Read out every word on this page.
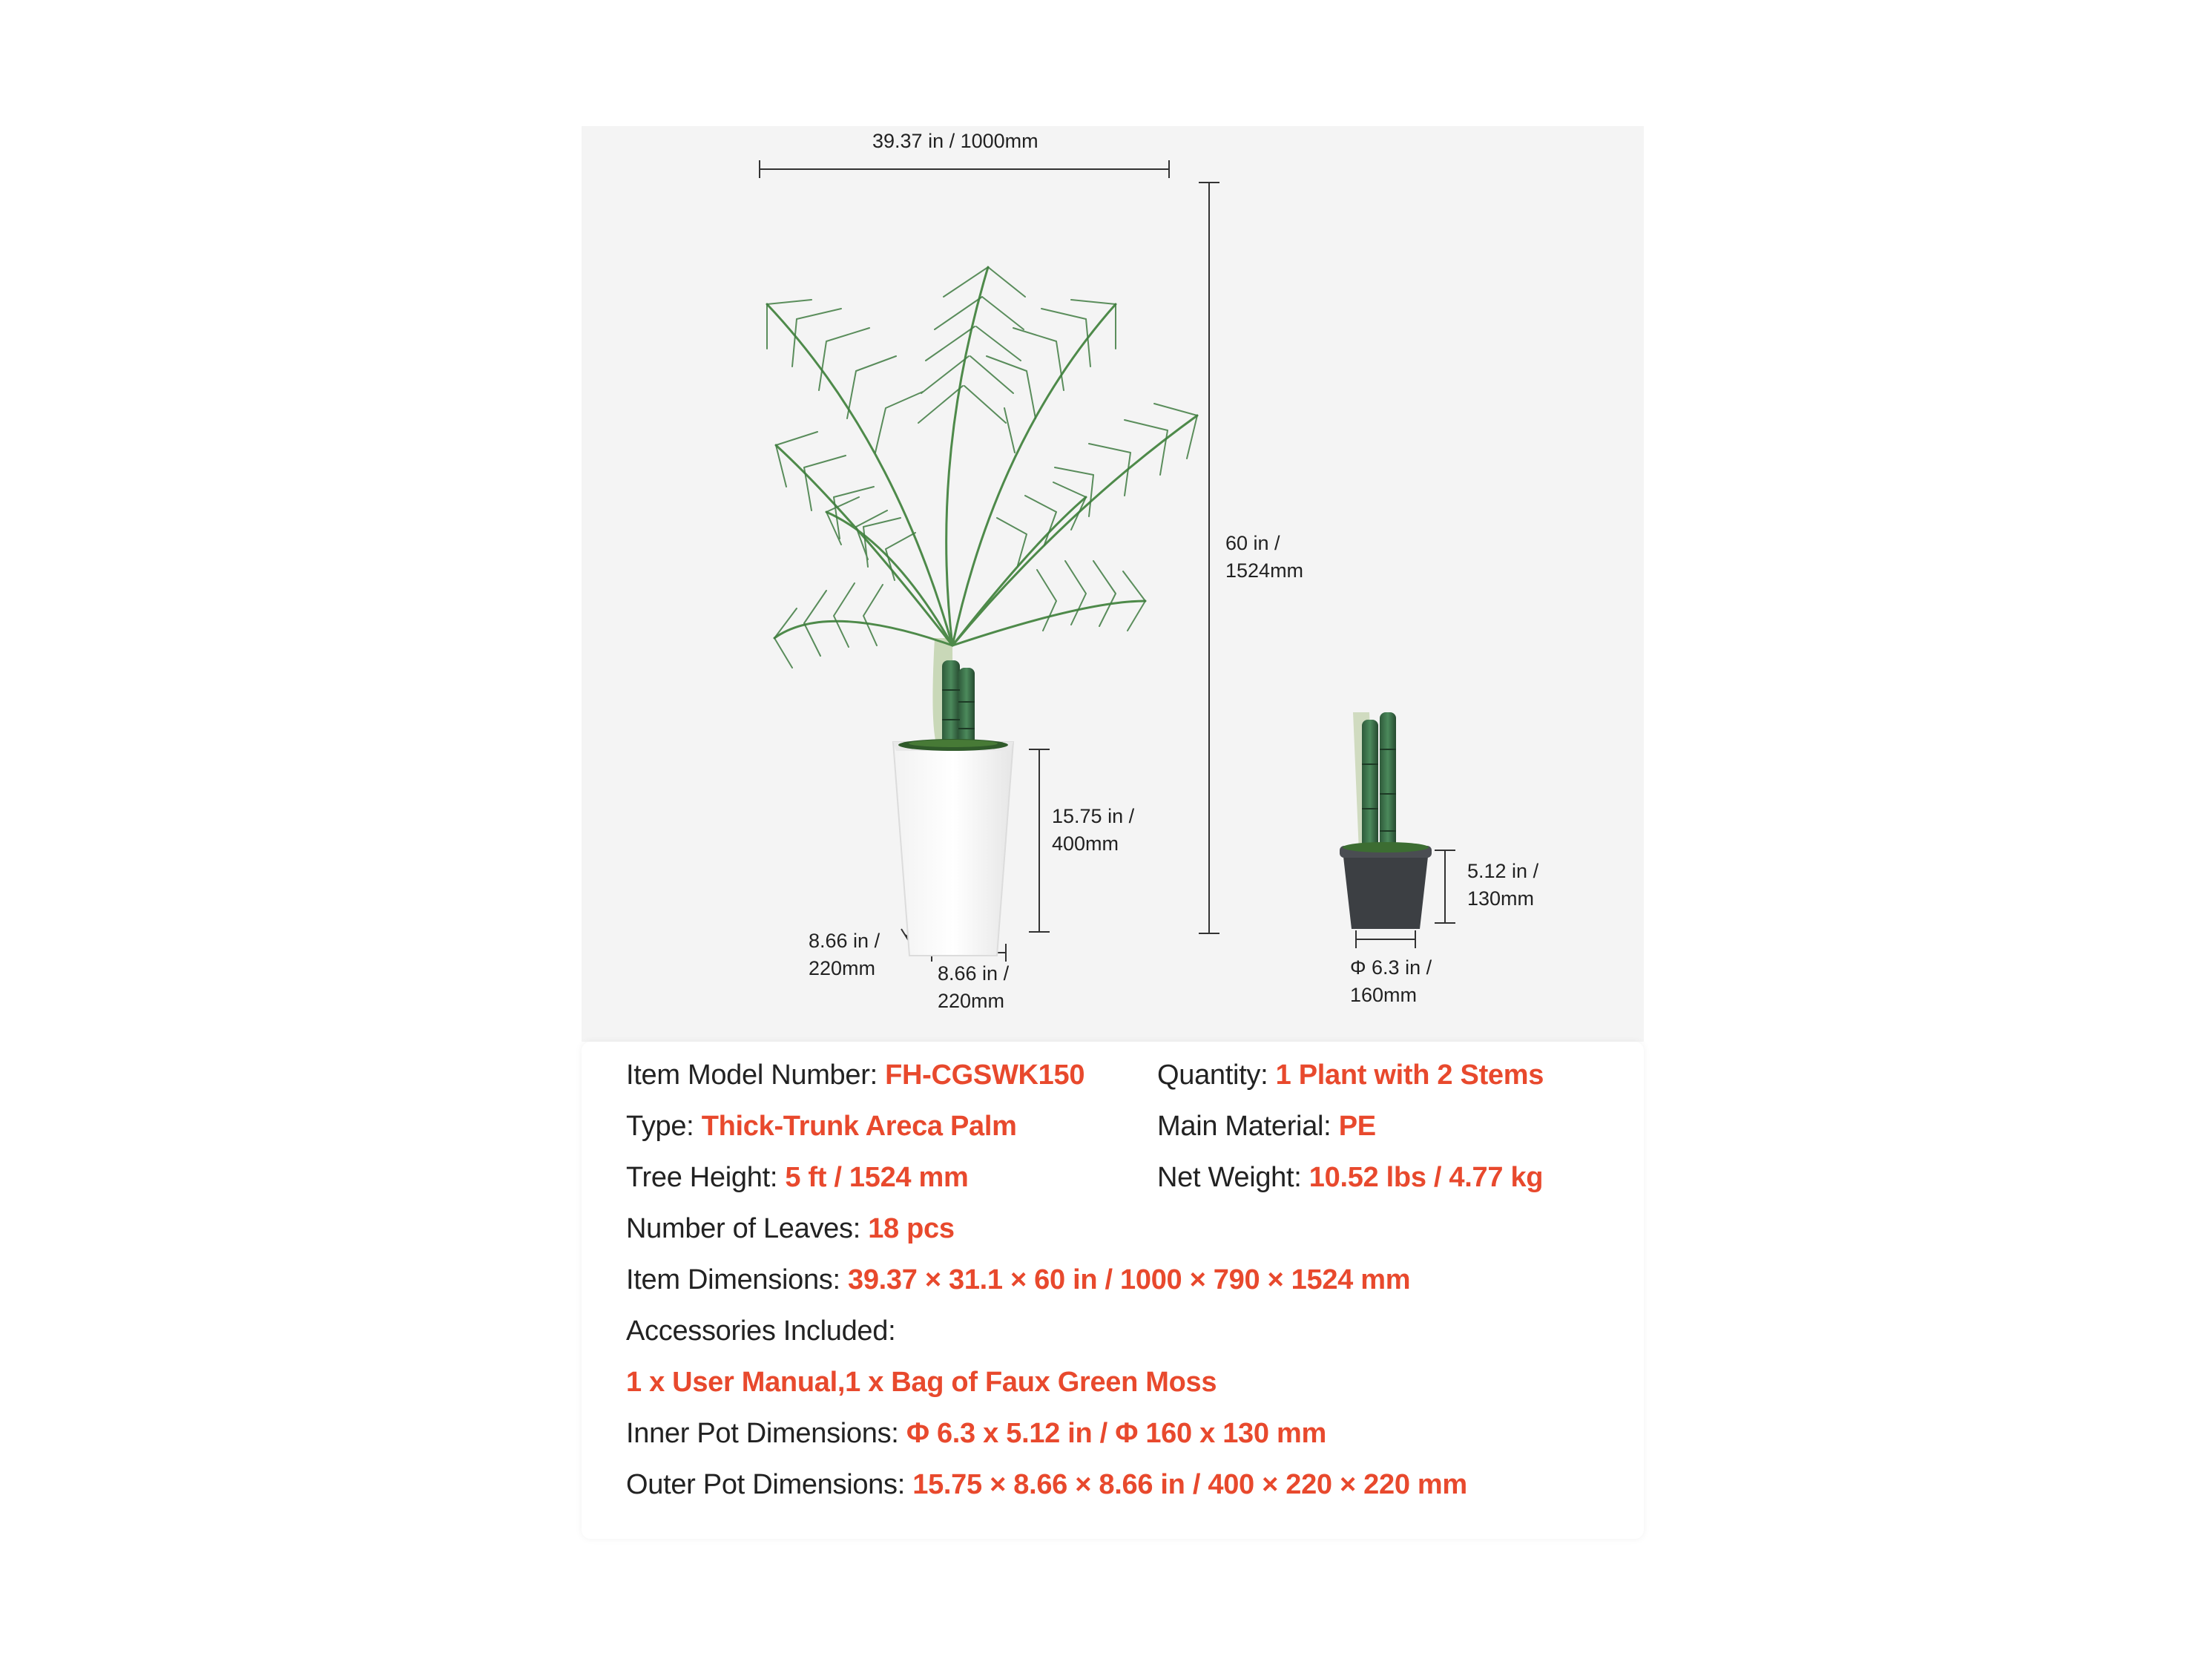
39.37 in / 1000mm
60 in /
1524mm
15.75 in /
400mm
8.66 in /
220mm	8.66 in /
220mm
5.12 in /
130mm
Φ 6.3 in /
160mm
Item Model Number: FH-CGSWK150	Quantity: 1 Plant with 2 Stems
Type: Thick-Trunk Areca Palm	Main Material: PE
Tree Height: 5 ft / 1524 mm	Net Weight: 10.52 lbs / 4.77 kg
Number of Leaves: 18 pcs
Item Dimensions: 39.37 × 31.1 × 60 in / 1000 × 790 × 1524 mm
Accessories Included:
1 x User Manual,1 x Bag of Faux Green Moss
Inner Pot Dimensions: Φ 6.3 x 5.12 in / Φ 160 x 130 mm
Outer Pot Dimensions: 15.75 × 8.66 × 8.66 in / 400 × 220 × 220 mm
